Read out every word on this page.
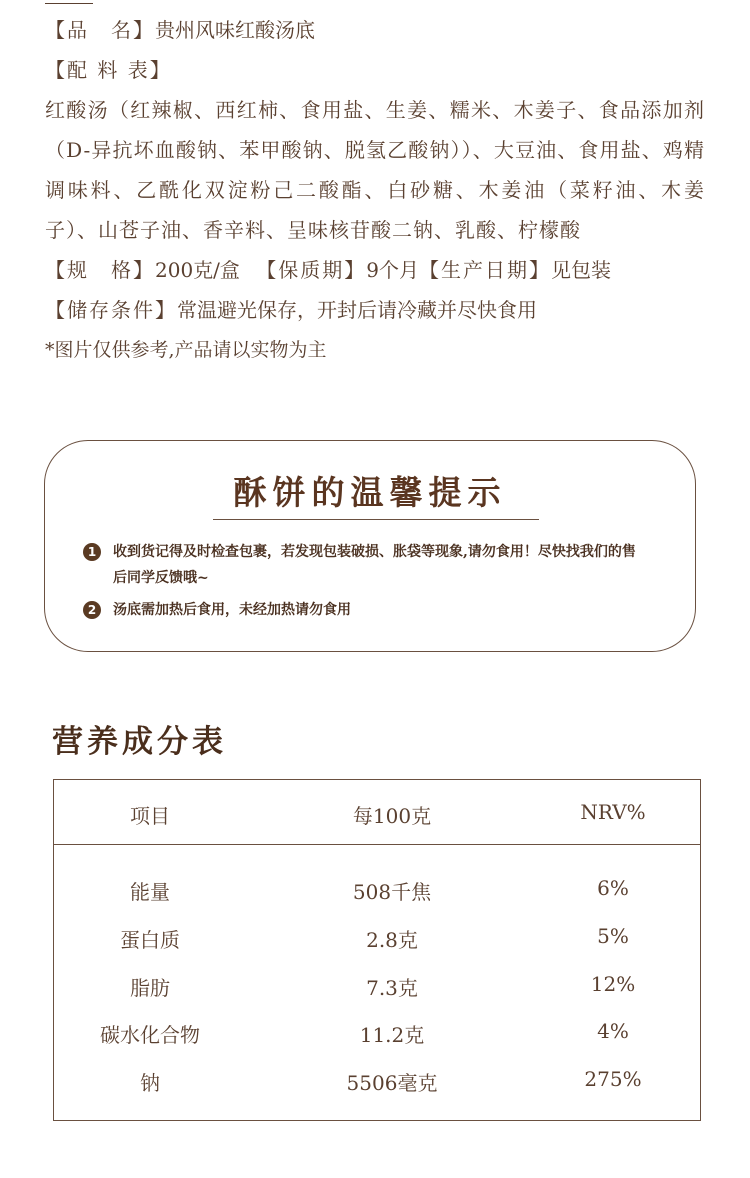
【品　名】贵州风味红酸汤底
【配 料 表】
红酸汤（红辣椒、西红柿、食用盐、生姜、糯米、木姜子、食品添加剂（D-异抗坏血酸钠、苯甲酸钠、脱氢乙酸钠））、大豆油、食用盐、鸡精调味料、乙酰化双淀粉己二酸酯、白砂糖、木姜油（菜籽油、木姜子）、山苍子油、香辛料、呈味核苷酸二钠、乳酸、柠檬酸
【规　格】200克/盒 【保质期】9个月【生产日期】见包装
【储存条件】常温避光保存，开封后请冷藏并尽快食用
*图片仅供参考,产品请以实物为主
酥饼的温馨提示
1	收到货记得及时检查包裹，若发现包装破损、胀袋等现象,请勿食用！尽快找我们的售后同学反馈哦~
2	汤底需加热后食用，未经加热请勿食用
营养成分表
项目	每100克	NRV%
能量	508千焦	6%
蛋白质	2.8克	5%
脂肪	7.3克	12%
碳水化合物	11.2克	4%
钠	5506毫克	275%
